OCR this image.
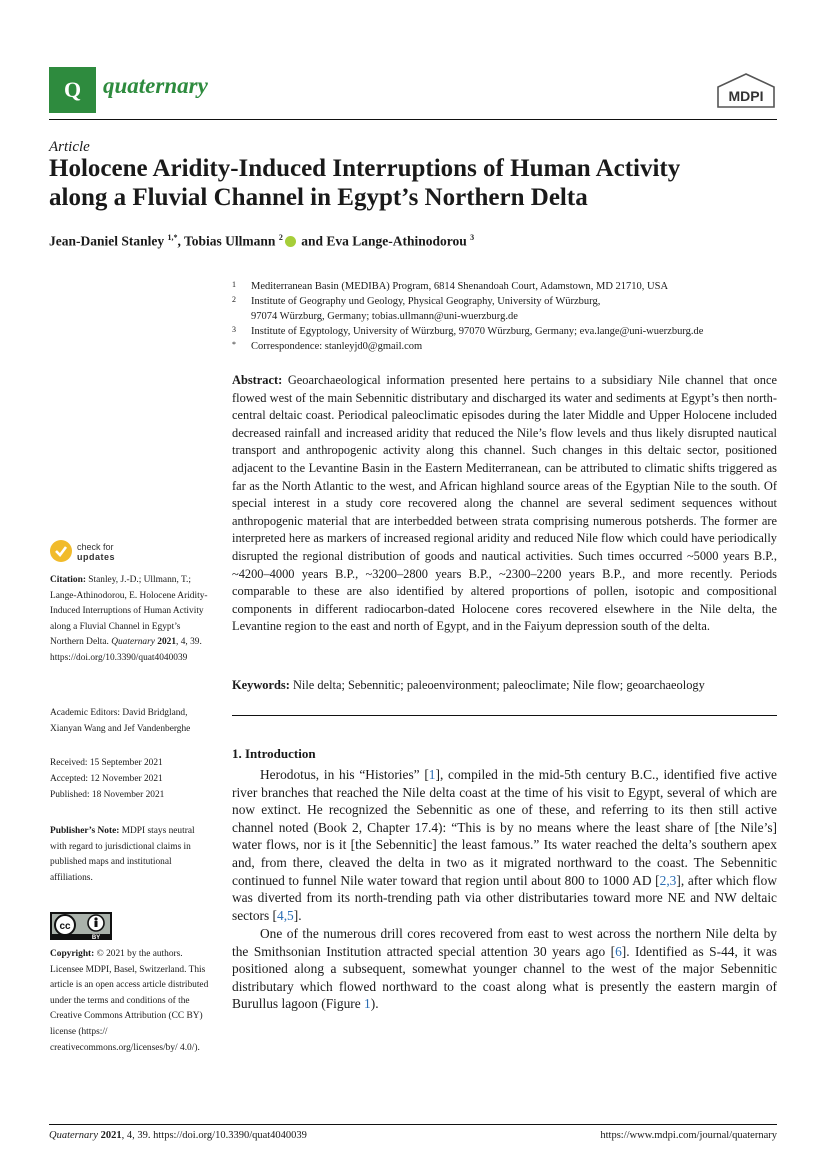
Q quaternary	MDPI
Article
Holocene Aridity-Induced Interruptions of Human Activity
along a Fluvial Channel in Egypt’s Northern Delta
Jean-Daniel Stanley $^{1,*}$, Tobias Ullmann $^2$ and Eva Lange-Athinodorou $^3$
1	Mediterranean Basin (MEDIBA) Program, 6814 Shenandoah Court, Adamstown, MD 21710, USA
2	Institute of Geography und Geology, Physical Geography, University of Würzburg,
97074 Würzburg, Germany; tobias.ullmann@uni-wuerzburg.de
3	Institute of Egyptology, University of Würzburg, 97070 Würzburg, Germany; eva.lange@uni-wuerzburg.de
*	Correspondence: stanleyjd0@gmail.com
Abstract: Geoarchaeological information presented here pertains to a subsidiary Nile channel that once flowed west of the main Sebennitic distributary and discharged its water and sediments at Egypt’s then north-central deltaic coast. Periodical paleoclimatic episodes during the later Middle and Upper Holocene included decreased rainfall and increased aridity that reduced the Nile’s flow levels and thus likely disrupted nautical transport and anthropogenic activity along this channel. Such changes in this deltaic sector, positioned adjacent to the Levantine Basin in the Eastern Mediterranean, can be attributed to climatic shifts triggered as far as the North Atlantic to the west, and African highland source areas of the Egyptian Nile to the south. Of special interest in a study core recovered along the channel are several sediment sequences without anthropogenic material that are interbedded between strata comprising numerous potsherds. The former are interpreted here as markers of increased regional aridity and reduced Nile flow which could have periodically disrupted the regional distribution of goods and nautical activities. Such times occurred ~5000 years B.P., ~4200–4000 years B.P., ~3200–2800 years B.P., ~2300–2200 years B.P., and more recently. Periods comparable to these are also identified by altered proportions of pollen, isotopic and compositional components in different radiocarbon-dated Holocene cores recovered elsewhere in the Nile delta, the Levantine region to the east and north of Egypt, and in the Faiyum depression south of the delta.
Keywords: Nile delta; Sebennitic; paleoenvironment; paleoclimate; Nile flow; geoarchaeology
1. Introduction

Herodotus, in his “Histories” [1], compiled in the mid-5th century B.C., identified five active river branches that reached the Nile delta coast at the time of his visit to Egypt, several of which are now extinct. He recognized the Sebennitic as one of these, and referring to its then still active channel noted (Book 2, Chapter 17.4): “This is by no means where the least share of [the Nile’s] water flows, nor is it [the Sebennitic] the least famous.” Its water reached the delta’s southern apex and, from there, cleaved the delta in two as it migrated northward to the coast. The Sebennitic continued to funnel Nile water toward that region until about 800 to 1000 AD [2,3], after which flow was diverted from its north-trending path via other distributaries toward more NE and NW deltaic sectors [4,5].

One of the numerous drill cores recovered from east to west across the northern Nile delta by the Smithsonian Institution attracted special attention 30 years ago [6]. Identified as S-44, it was positioned along a subsequent, somewhat younger channel to the west of the major Sebennitic distributary which flowed northward to the coast along what is presently the eastern margin of Burullus lagoon (Figure 1).

check for
updates
Citation: Stanley, J.-D.; Ullmann, T.; Lange-Athinodorou, E. Holocene Aridity-Induced Interruptions of Human Activity along a Fluvial Channel in Egypt’s Northern Delta. Quaternary 2021, 4, 39. https://doi.org/10.3390/quat4040039
Academic Editors: David Bridgland, Xianyan Wang and Jef Vandenberghe
Received: 15 September 2021
Accepted: 12 November 2021
Published: 18 November 2021
Publisher’s Note: MDPI stays neutral with regard to jurisdictional claims in published maps and institutional affiliations.
cc
BY
Copyright: © 2021 by the authors. Licensee MDPI, Basel, Switzerland. This article is an open access article distributed under the terms and conditions of the Creative Commons Attribution (CC BY) license (https:// creativecommons.org/licenses/by/ 4.0/).
Quaternary 2021, 4, 39. https://doi.org/10.3390/quat4040039	https://www.mdpi.com/journal/quaternary
